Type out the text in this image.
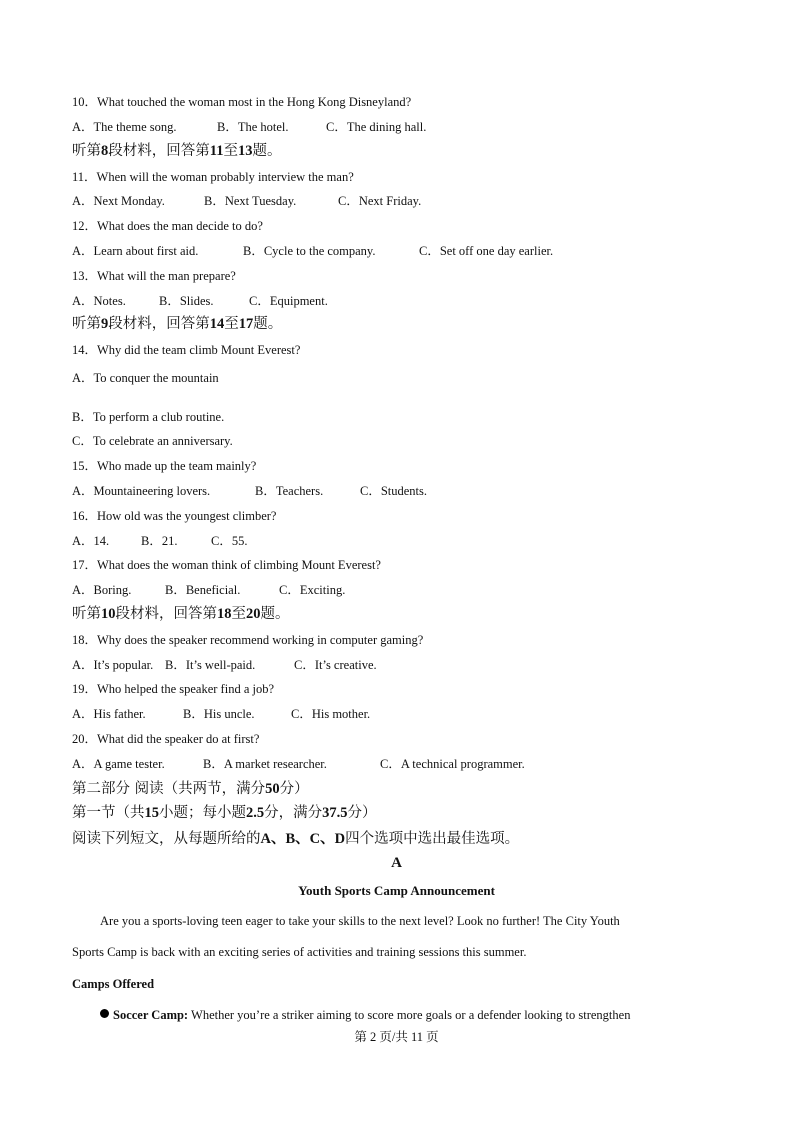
10．What touched the woman most in the Hong Kong Disneyland?
A．The theme song.	B．The hotel.	C．The dining hall.
听第8段材料，回答第11至13题。
11．When will the woman probably interview the man?
A．Next Monday.	B．Next Tuesday.	C．Next Friday.
12．What does the man decide to do?
A．Learn about first aid.	B．Cycle to the company.	C．Set off one day earlier.
13．What will the man prepare?
A．Notes.	B．Slides.	C．Equipment.
听第9段材料，回答第14至17题。
14．Why did the team climb Mount Everest?
A．To conquer the mountain
B．To perform a club routine.
C．To celebrate an anniversary.
15．Who made up the team mainly?
A．Mountaineering lovers.	B．Teachers.	C．Students.
16．How old was the youngest climber?
A．14.	B．21.	C．55.
17．What does the woman think of climbing Mount Everest?
A．Boring.	B．Beneficial.	C．Exciting.
听第10段材料，回答第18至20题。
18．Why does the speaker recommend working in computer gaming?
A．It’s popular. B．It’s well-paid.	C．It’s creative.
19．Who helped the speaker find a job?
A．His father.	B．His uncle.	C．His mother.
20．What did the speaker do at first?
A．A game tester.	B．A market researcher.	C．A technical programmer.
第二部分 阅读（共两节，满分50分）
第一节（共15小题；每小题2.5分，满分37.5分）
阅读下列短文，从每题所给的A、B、C、D四个选项中选出最佳选项。
A
Youth Sports Camp Announcement
Are you a sports-loving teen eager to take your skills to the next level? Look no further! The City Youth
Sports Camp is back with an exciting series of activities and training sessions this summer.
Camps Offered
Soccer Camp: Whether you’re a striker aiming to score more goals or a defender looking to strengthen
第 2 页/共 11 页
